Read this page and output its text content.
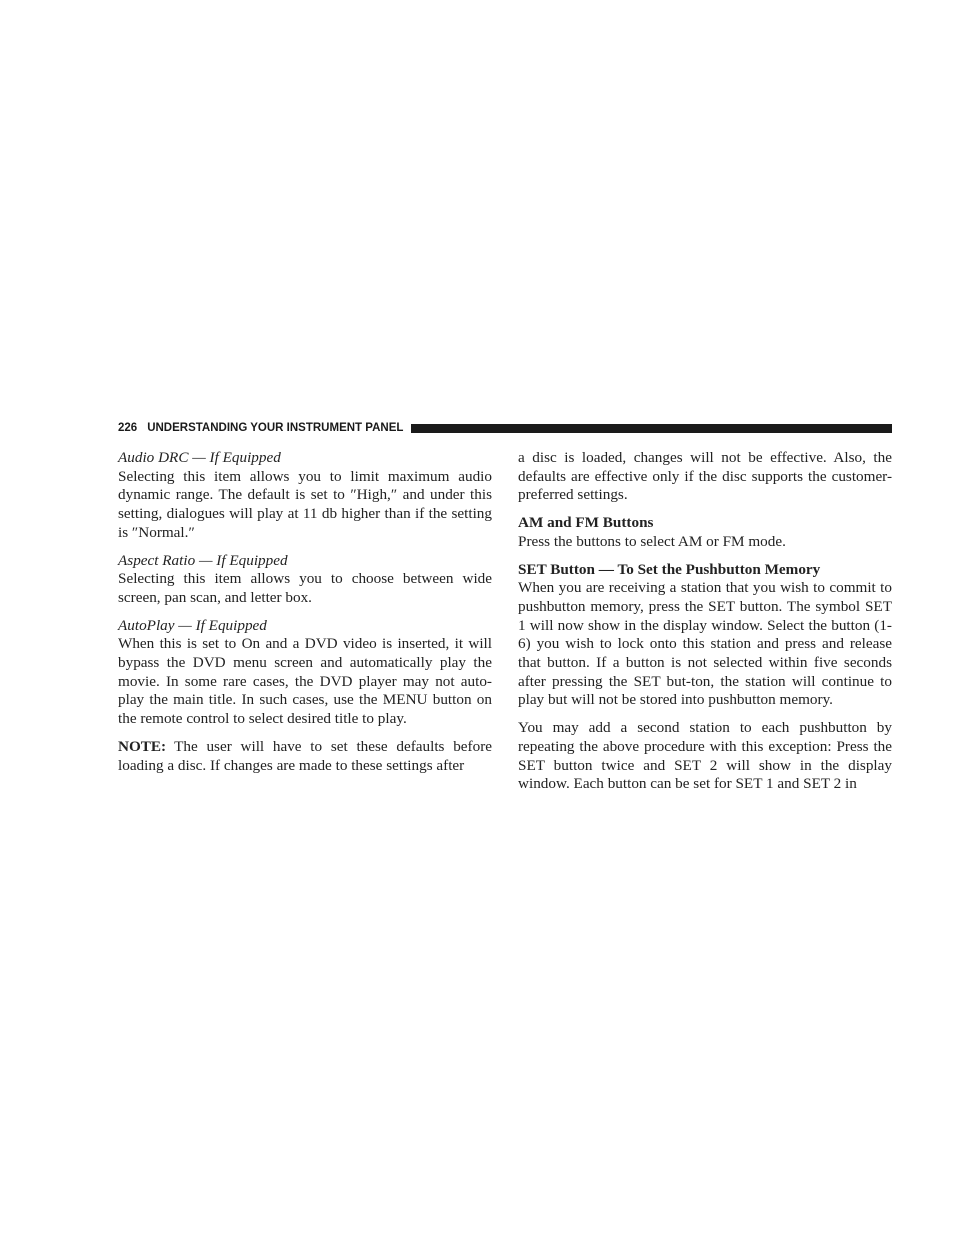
226 UNDERSTANDING YOUR INSTRUMENT PANEL
Audio DRC — If Equipped

Selecting this item allows you to limit maximum audio dynamic range. The default is set to ″High,″ and under this setting, dialogues will play at 11 db higher than if the setting is ″Normal.″

Aspect Ratio — If Equipped

Selecting this item allows you to choose between wide screen, pan scan, and letter box.

AutoPlay — If Equipped

When this is set to On and a DVD video is inserted, it will bypass the DVD menu screen and automatically play the movie. In some rare cases, the DVD player may not auto-play the main title. In such cases, use the MENU button on the remote control to select desired title to play.

NOTE: The user will have to set these defaults before loading a disc. If changes are made to these settings after

a disc is loaded, changes will not be effective. Also, the defaults are effective only if the disc supports the customer-preferred settings.

AM and FM Buttons

Press the buttons to select AM or FM mode.

SET Button — To Set the Pushbutton Memory

When you are receiving a station that you wish to commit to pushbutton memory, press the SET button. The symbol SET 1 will now show in the display window. Select the button (1-6) you wish to lock onto this station and press and release that button. If a button is not selected within five seconds after pressing the SET but-ton, the station will continue to play but will not be stored into pushbutton memory.

You may add a second station to each pushbutton by repeating the above procedure with this exception: Press the SET button twice and SET 2 will show in the display window. Each button can be set for SET 1 and SET 2 in
